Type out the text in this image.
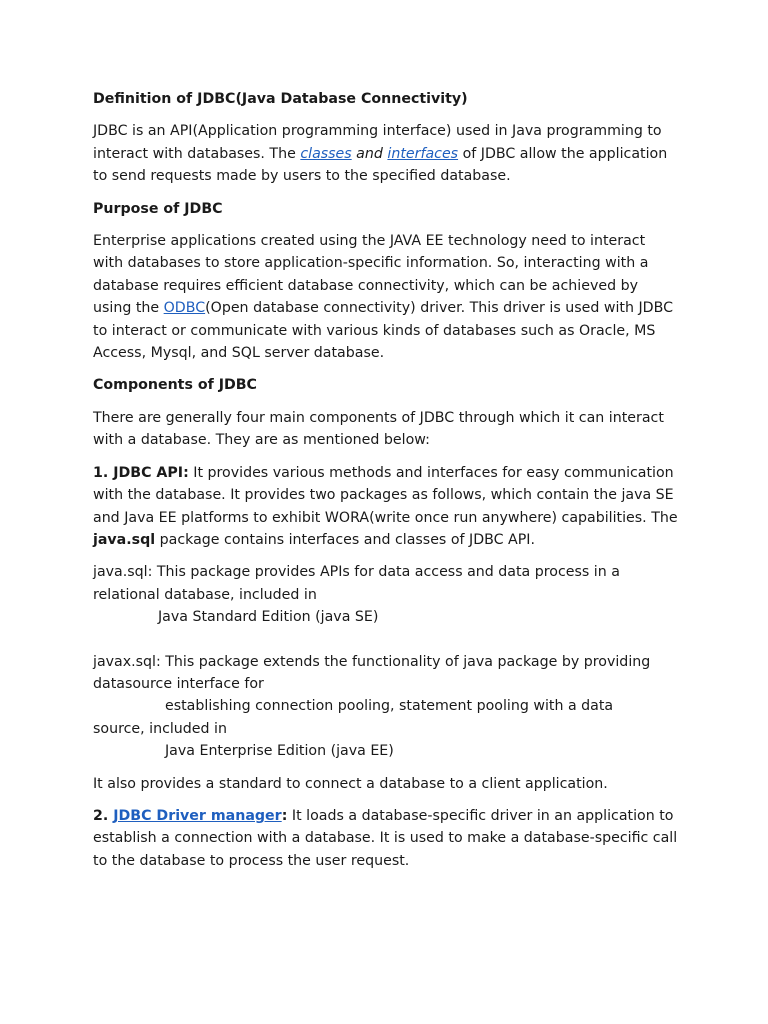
Definition of JDBC(Java Database Connectivity)

JDBC is an API(Application programming interface) used in Java programming to interact with databases. The classes and interfaces of JDBC allow the application to send requests made by users to the specified database.

Purpose of JDBC

Enterprise applications created using the JAVA EE technology need to interact with databases to store application-specific information. So, interacting with a database requires efficient database connectivity, which can be achieved by using the ODBC(Open database connectivity) driver. This driver is used with JDBC to interact or communicate with various kinds of databases such as Oracle, MS Access, Mysql, and SQL server database.

Components of JDBC

There are generally four main components of JDBC through which it can interact with a database. They are as mentioned below:

1. JDBC API: It provides various methods and interfaces for easy communication with the database. It provides two packages as follows, which contain the java SE and Java EE platforms to exhibit WORA(write once run anywhere) capabilities. The java.sql package contains interfaces and classes of JDBC API.

java.sql: This package provides APIs for data access and data process in a relational database, included in

Java Standard Edition (java SE)

javax.sql: This package extends the functionality of java package by providing datasource interface for

establishing connection pooling, statement pooling with a data

source, included in

Java Enterprise Edition (java EE)

It also provides a standard to connect a database to a client application.

2. JDBC Driver manager: It loads a database-specific driver in an application to establish a connection with a database. It is used to make a database-specific call to the database to process the user request.
